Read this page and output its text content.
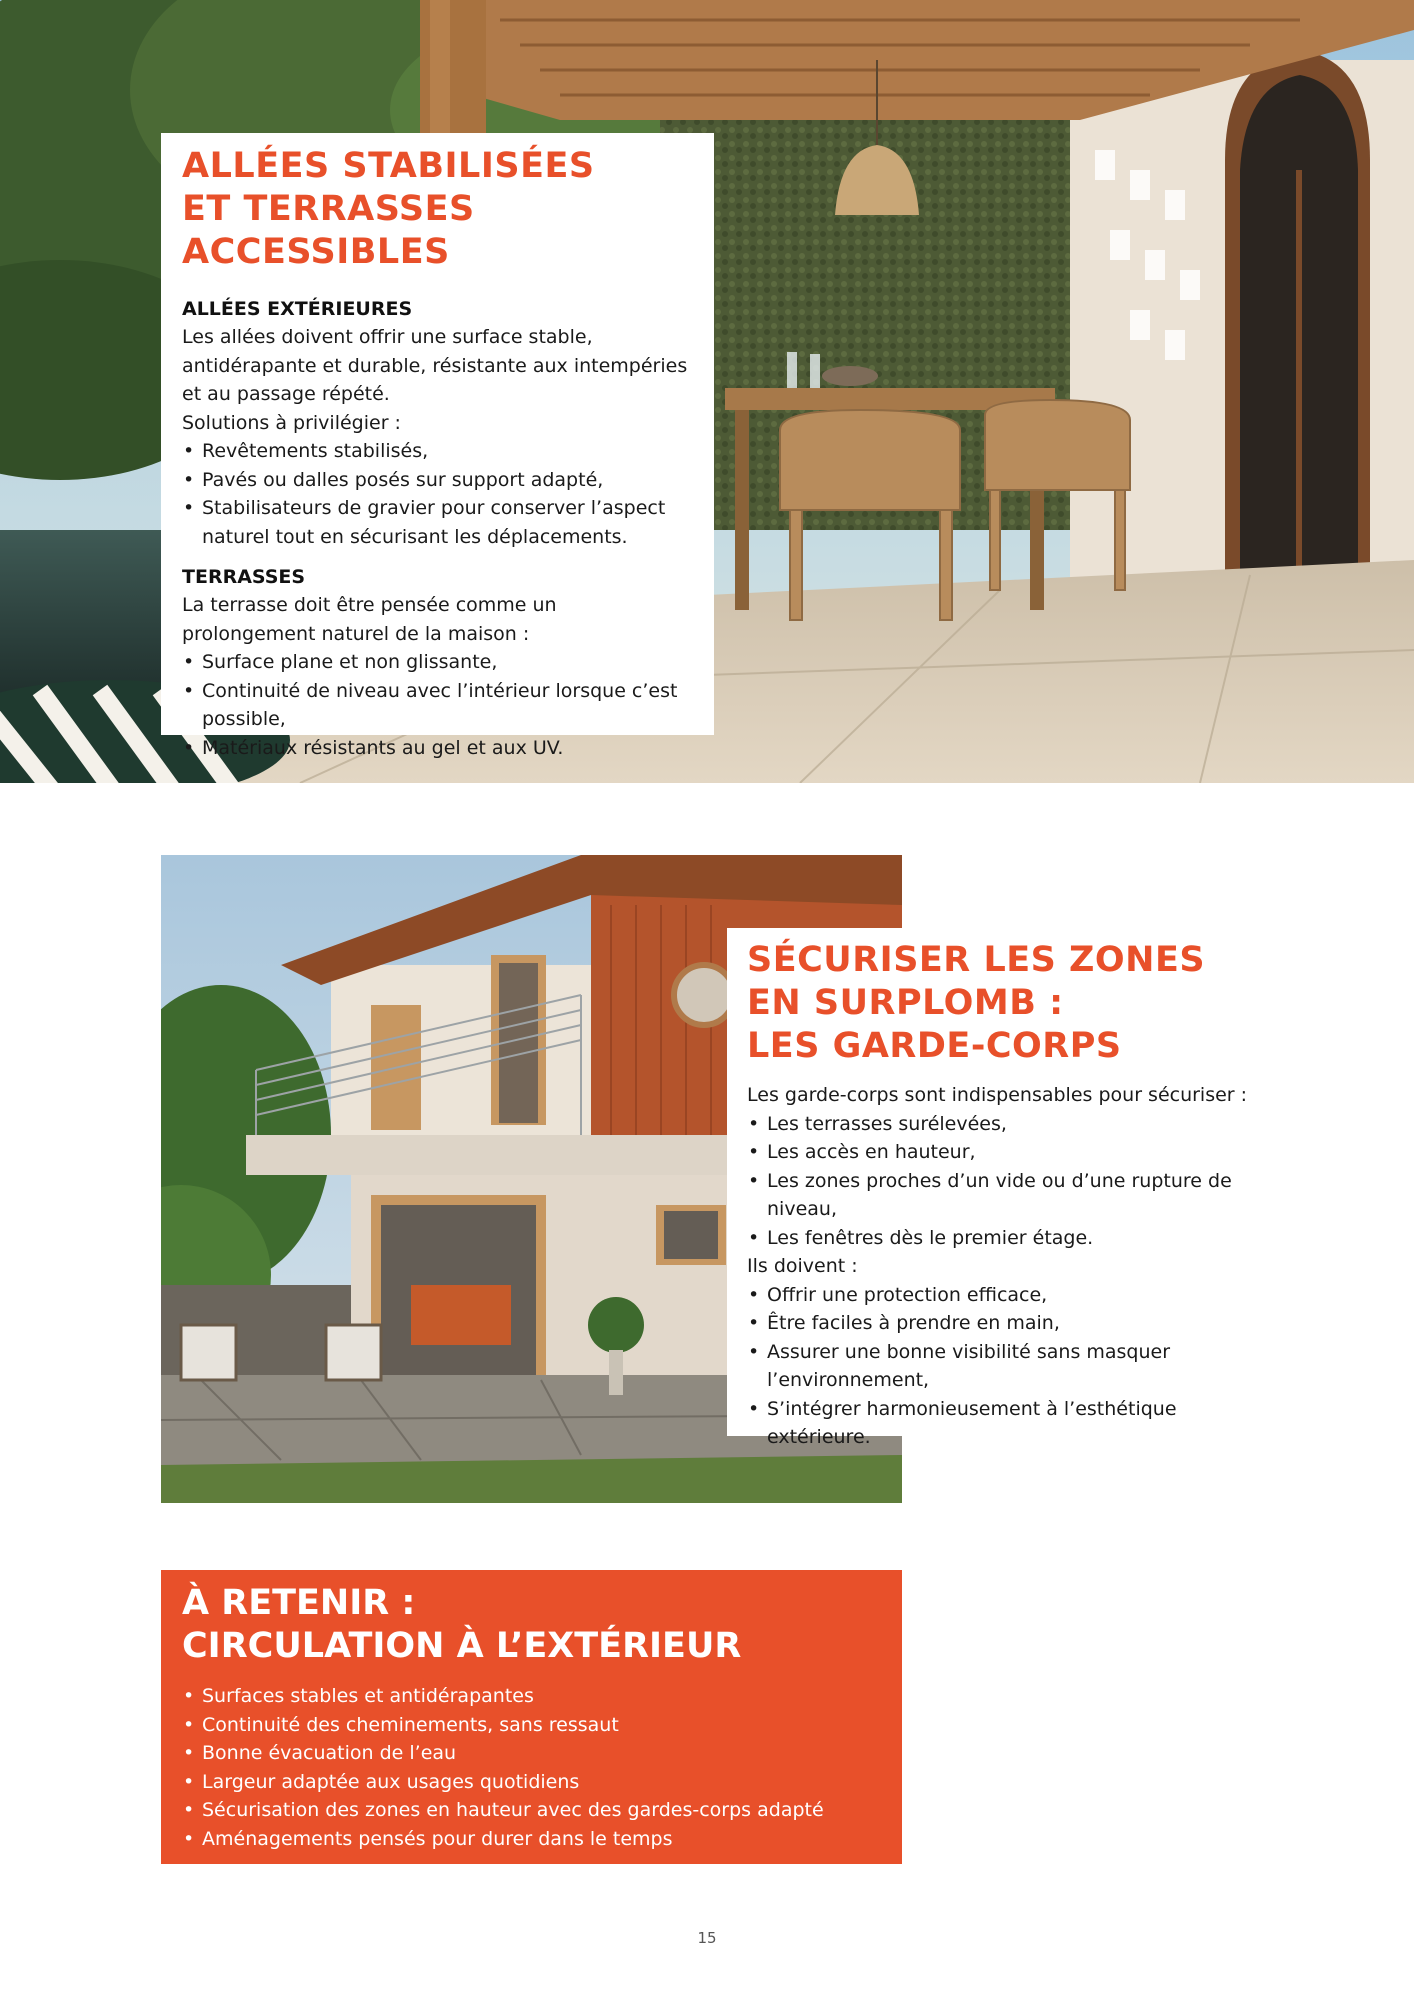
ALLÉES STABILISÉES
ET TERRASSES ACCESSIBLES

ALLÉES EXTÉRIEURES

Les allées doivent offrir une surface stable,

antidérapante et durable, résistante aux intempéries

et au passage répété.

Solutions à privilégier :

• Revêtements stabilisés,
• Pavés ou dalles posés sur support adapté,
• Stabilisateurs de gravier pour conserver l’aspect
naturel tout en sécurisant les déplacements.

TERRASSES

La terrasse doit être pensée comme un

prolongement naturel de la maison :

• Surface plane et non glissante,
• Continuité de niveau avec l’intérieur lorsque c’est
possible,
• Matériaux résistants au gel et aux UV.
SÉCURISER LES ZONES
EN SURPLOMB :
LES GARDE-CORPS

Les garde-corps sont indispensables pour sécuriser :

• Les terrasses surélevées,
• Les accès en hauteur,
• Les zones proches d’un vide ou d’une rupture de niveau,
• Les fenêtres dès le premier étage.

Ils doivent :

• Offrir une protection efficace,
• Être faciles à prendre en main,
• Assurer une bonne visibilité sans masquer
l’environnement,
• S’intégrer harmonieusement à l’esthétique
extérieure.
À RETENIR :
CIRCULATION À L’EXTÉRIEUR
• Surfaces stables et antidérapantes
• Continuité des cheminements, sans ressaut
• Bonne évacuation de l’eau
• Largeur adaptée aux usages quotidiens
• Sécurisation des zones en hauteur avec des gardes-corps adapté
• Aménagements pensés pour durer dans le temps
15
